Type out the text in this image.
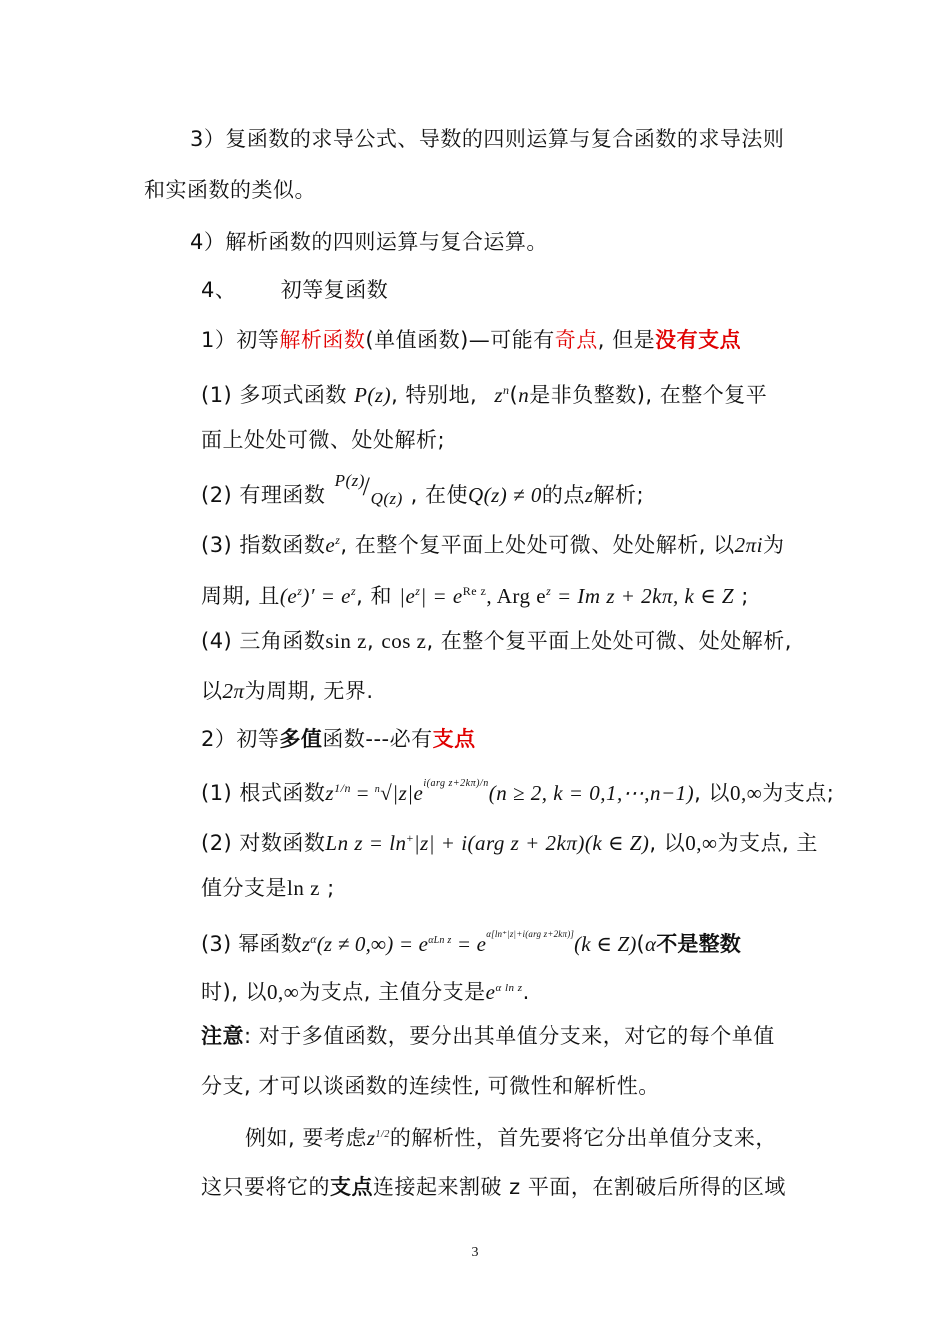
3）复函数的求导公式、导数的四则运算与复合函数的求导法则
和实函数的类似。
4）解析函数的四则运算与复合运算。
4、 初等复函数
1）初等解析函数(单值函数)—可能有奇点, 但是没有支点
(1) 多项式函数 P(z), 特别地, $z^n(n$是非负整数), 在整个复平
面上处处可微、处处解析;
(2) 有理函数
P(z)
/ Q(z) , 在使Q(z) ≠ 0的点z解析;
(3) 指数函数$e^z$, 在整个复平面上处处可微、处处解析, 以2πi为
周期, 且$(e^z)' = e^z$, 和 $|e^z| = e^{Re z}$, Arg $e^z = Im$ z + 2kπ, k ∈ Z ;
(4) 三角函数sin z, cos z, 在整个复平面上处处可微、处处解析,
以2π为周期, 无界.
2）初等多值函数---必有支点
(1) 根式函数$z^{1/n} = ^n√|z|e^{i(arg z+2k\pi)/n}(n \ge 2$, k = 0,1,⋯,n−1), 以0,∞为支点;
(2) 对数函数Ln z = ln+|z| + i(arg z + 2kπ)(k ∈ Z), 以0,∞为支点, 主
值分支是ln z ;
(3) 幂函数$z^\alpha(z \ne 0,\infty) = e^{\alpha Ln z} = e^{\alpha[ln^+|z|+i(arg z+2k\pi)]}(k$ ∈ Z)(α不是整数
时), 以0,∞为支点, 主值分支是$e^{\alpha ln z}$.
注意: 对于多值函数，要分出其单值分支来，对它的每个单值
分支, 才可以谈函数的连续性, 可微性和解析性。
例如, 要考虑$z^{1/2}$的解析性，首先要将它分出单值分支来，
这只要将它的支点连接起来割破 z 平面，在割破后所得的区域
3
